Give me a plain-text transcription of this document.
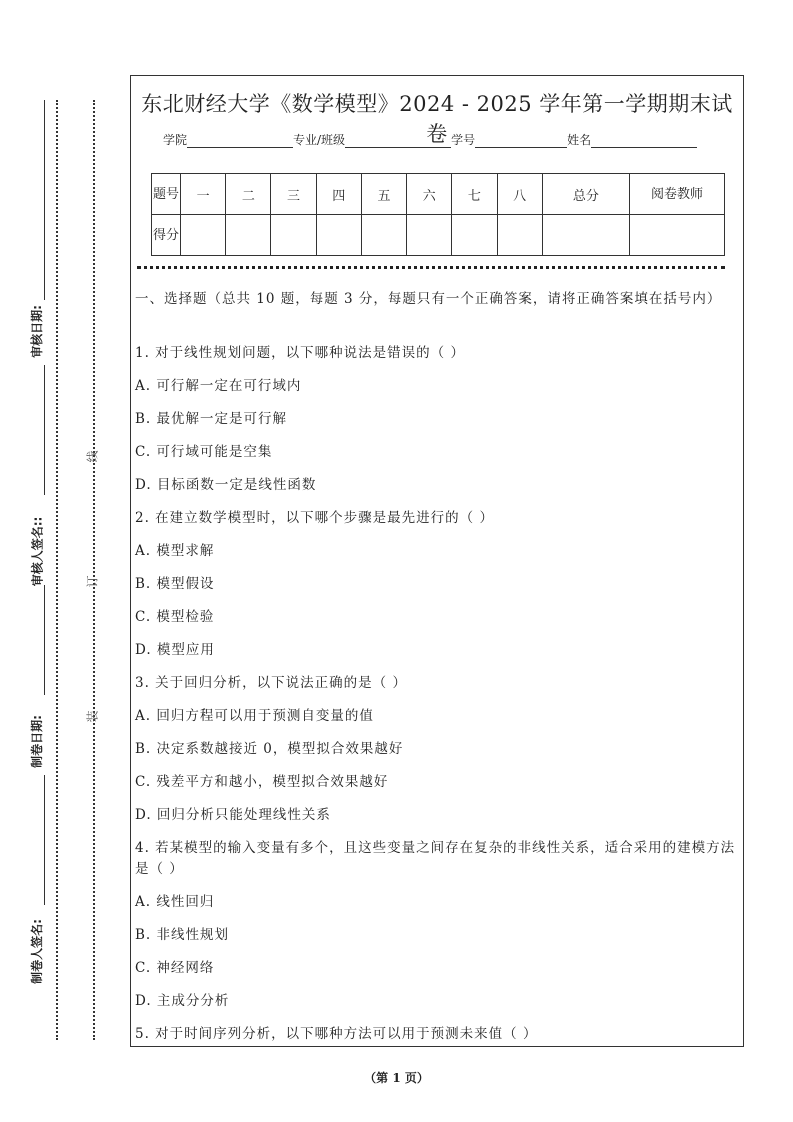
审核日期:
审核人签名::
制卷日期:
制卷人签名:
线
订
装
东北财经大学《数学模型》2024 - 2025 学年第一学期期末试卷
学院	专业/班级	学号	姓名
题号	一	二	三	四	五	六	七	八	总分	阅卷教师
得分										

一、选择题（总共 10 题，每题 3 分，每题只有一个正确答案，请将正确答案填在括号内）

1. 对于线性规划问题，以下哪种说法是错误的（ ）

A. 可行解一定在可行域内

B. 最优解一定是可行解

C. 可行域可能是空集

D. 目标函数一定是线性函数

2. 在建立数学模型时，以下哪个步骤是最先进行的（ ）

A. 模型求解

B. 模型假设

C. 模型检验

D. 模型应用

3. 关于回归分析，以下说法正确的是（ ）

A. 回归方程可以用于预测自变量的值

B. 决定系数越接近 0，模型拟合效果越好

C. 残差平方和越小，模型拟合效果越好

D. 回归分析只能处理线性关系

4. 若某模型的输入变量有多个，且这些变量之间存在复杂的非线性关系，适合采用的建模方法是（ ）

A. 线性回归

B. 非线性规划

C. 神经网络

D. 主成分分析

5. 对于时间序列分析，以下哪种方法可以用于预测未来值（ ）

（第 1 页）
